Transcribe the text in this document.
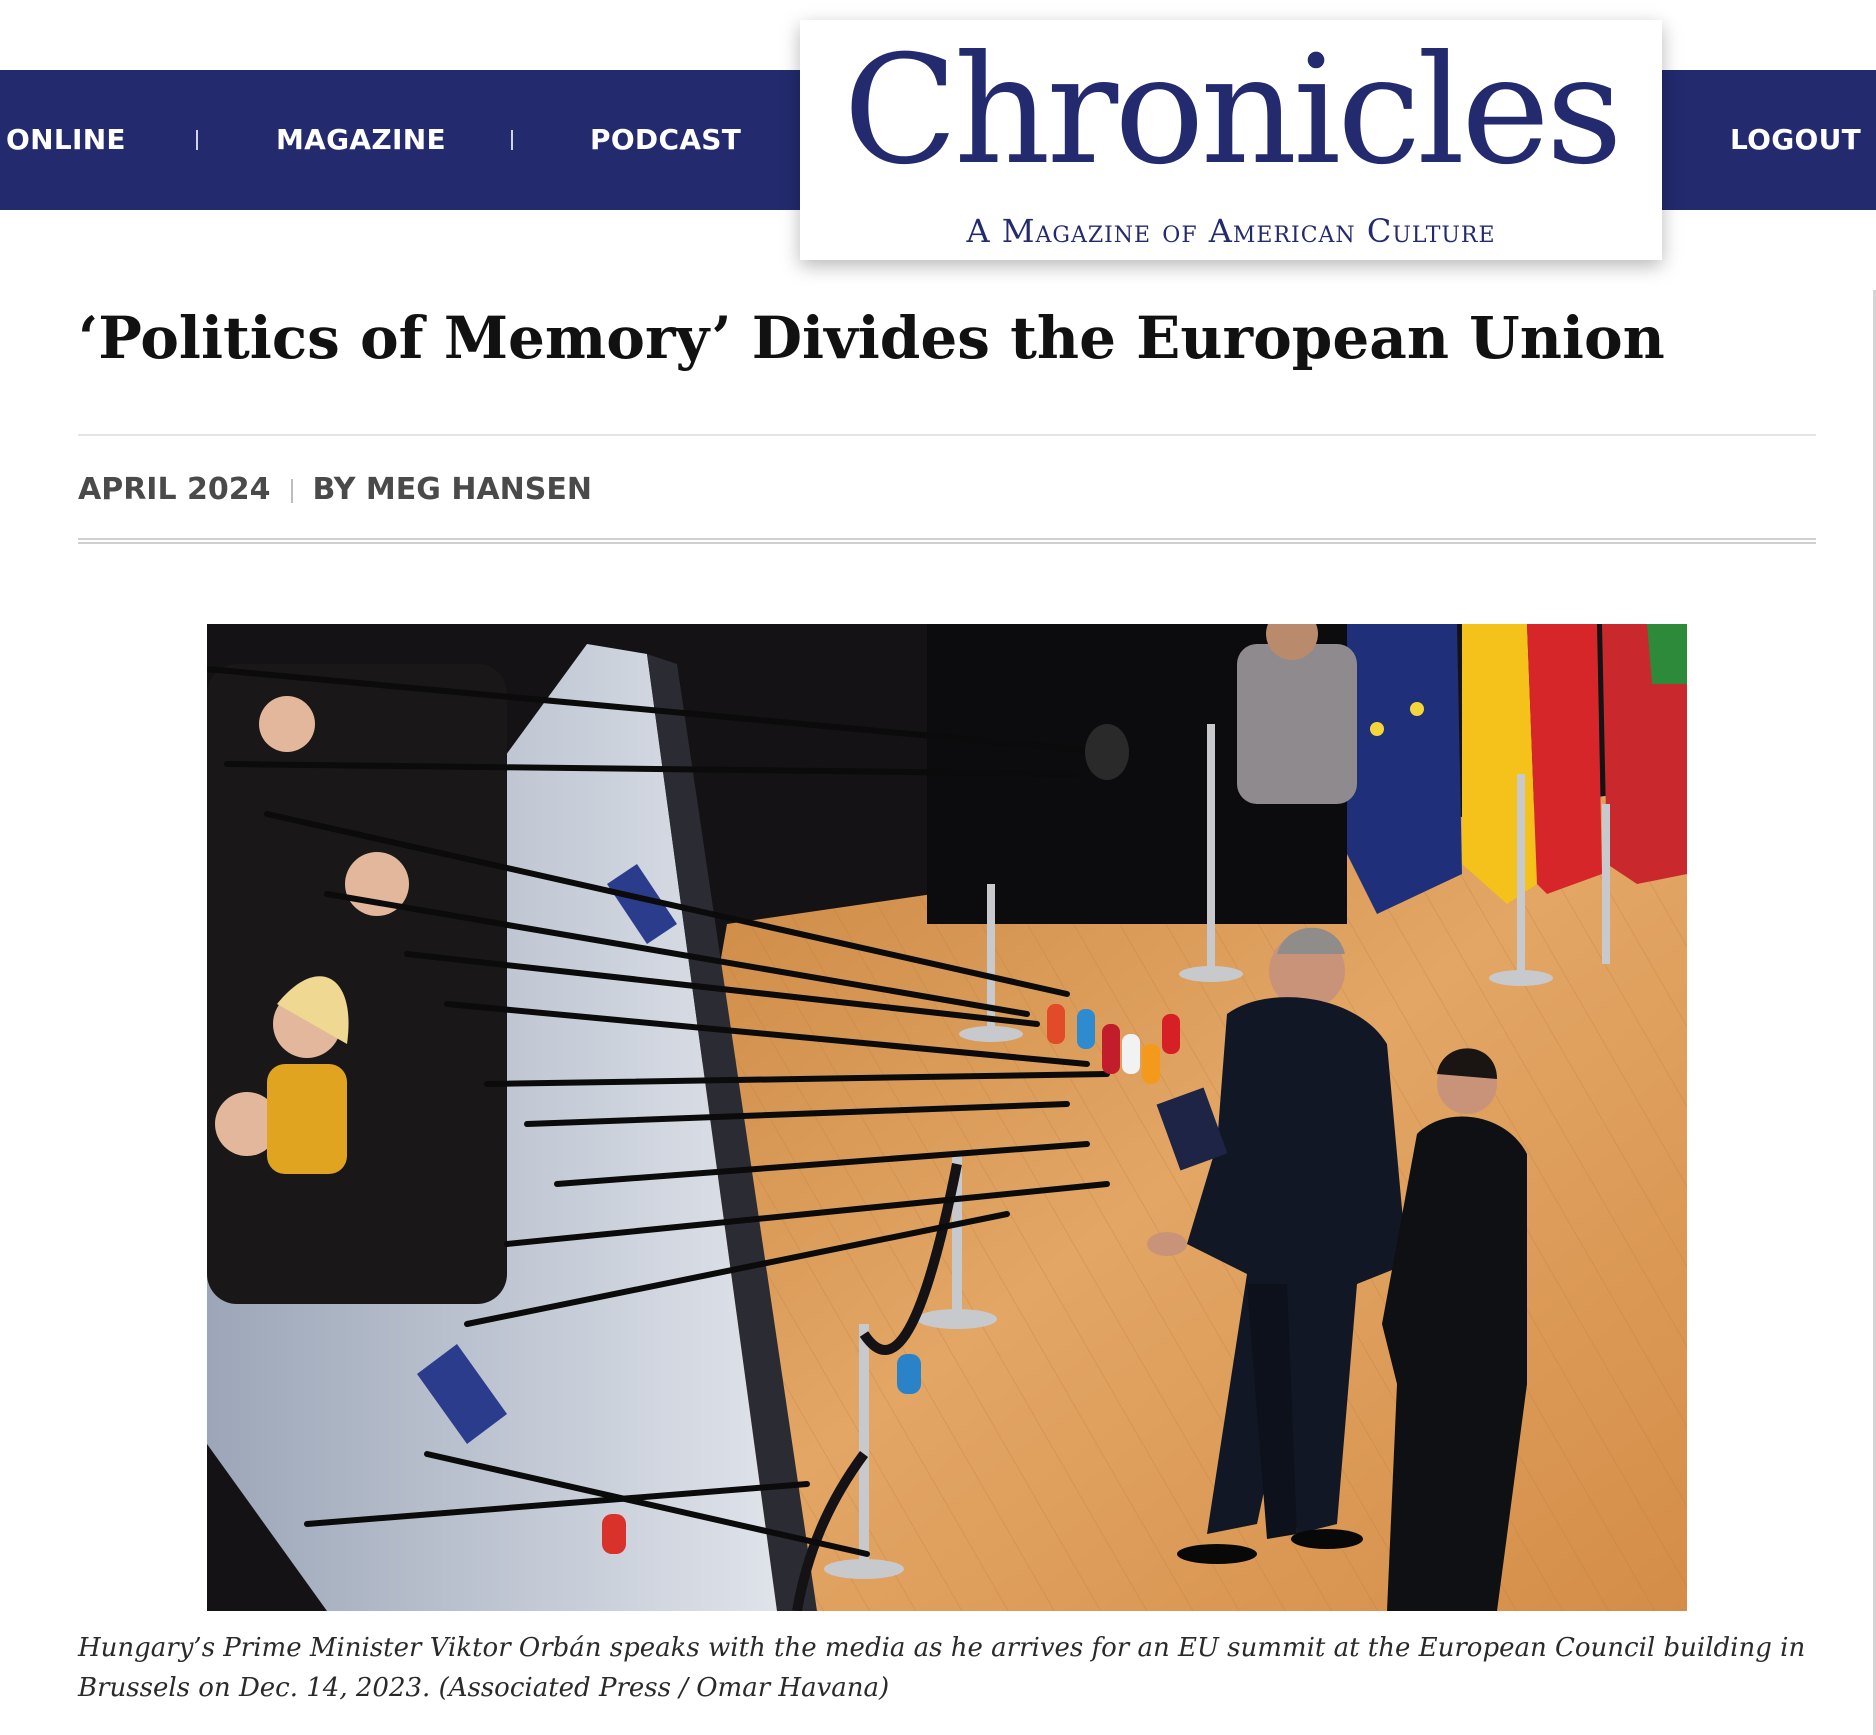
ONLINE	MAGAZINE	PODCAST	LOGOUT
Chronicles
A Magazine of American Culture
‘Politics of Memory’ Divides the European Union
APRIL 2024 BY MEG HANSEN

Hungary’s Prime Minister Viktor Orbán speaks with the media as he arrives for an EU summit at the European Council building in Brussels on Dec. 14, 2023. (Associated Press / Omar Havana)
